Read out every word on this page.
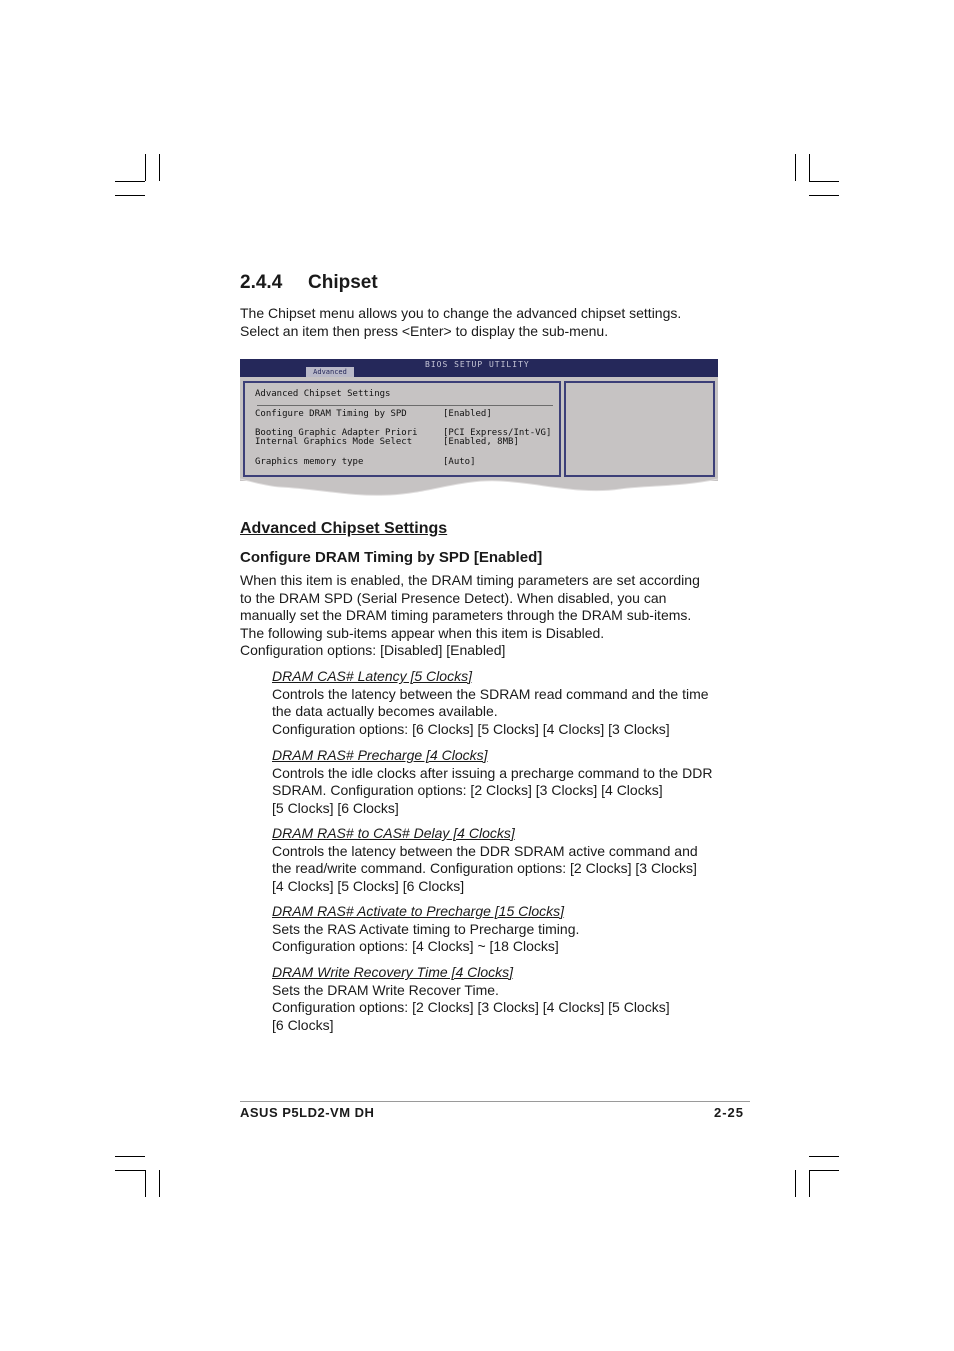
2.4.4 Chipset
The Chipset menu allows you to change the advanced chipset settings.
Select an item then press <Enter> to display the sub-menu.
BIOS SETUP UTILITY
Advanced
Advanced Chipset Settings
Configure DRAM Timing by SPD	[Enabled]
Booting Graphic Adapter Priori	[PCI Express/Int-VG]
Internal Graphics Mode Select	[Enabled, 8MB]
Graphics memory type	[Auto]
Advanced Chipset Settings
Configure DRAM Timing by SPD [Enabled]
When this item is enabled, the DRAM timing parameters are set according
to the DRAM SPD (Serial Presence Detect). When disabled, you can
manually set the DRAM timing parameters through the DRAM sub-items.
The following sub-items appear when this item is Disabled.
Configuration options: [Disabled] [Enabled]
DRAM CAS# Latency [5 Clocks]
Controls the latency between the SDRAM read command and the time
the data actually becomes available.
Configuration options: [6 Clocks] [5 Clocks] [4 Clocks] [3 Clocks]
DRAM RAS# Precharge [4 Clocks]
Controls the idle clocks after issuing a precharge command to the DDR
SDRAM. Configuration options: [2 Clocks] [3 Clocks] [4 Clocks]
[5 Clocks] [6 Clocks]
DRAM RAS# to CAS# Delay [4 Clocks]
Controls the latency between the DDR SDRAM active command and
the read/write command. Configuration options: [2 Clocks] [3 Clocks]
[4 Clocks] [5 Clocks] [6 Clocks]
DRAM RAS# Activate to Precharge [15 Clocks]
Sets the RAS Activate timing to Precharge timing.
Configuration options: [4 Clocks] ~ [18 Clocks]
DRAM Write Recovery Time [4 Clocks]
Sets the DRAM Write Recover Time.
Configuration options: [2 Clocks] [3 Clocks] [4 Clocks] [5 Clocks]
[6 Clocks]
ASUS P5LD2-VM DH	2-25
